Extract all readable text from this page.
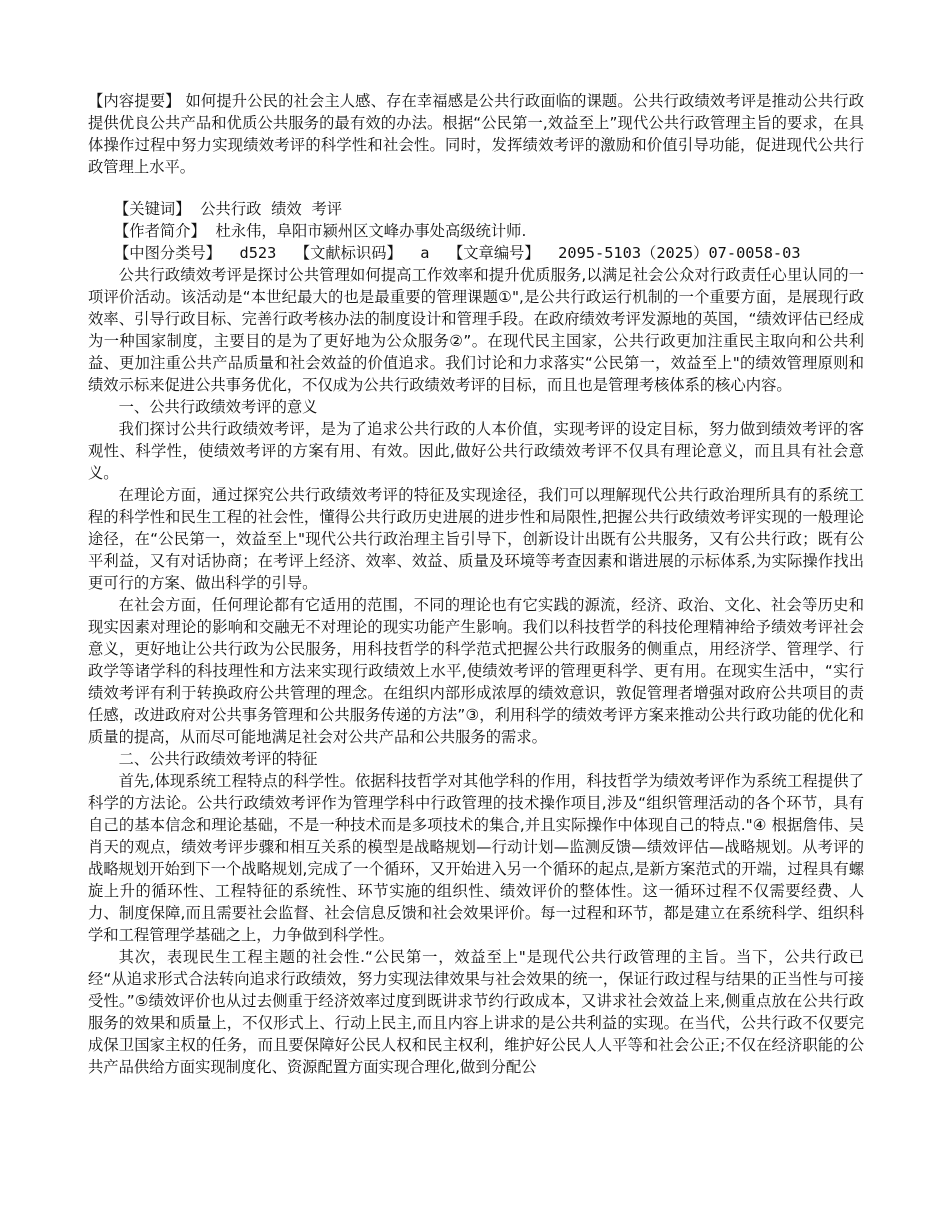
【内容提要】 如何提升公民的社会主人感、存在幸福感是公共行政面临的课题。公共行政绩效考评是推动公共行政提供优良公共产品和优质公共服务的最有效的办法。根据“公民第一,效益至上”现代公共行政管理主旨的要求，在具体操作过程中努力实现绩效考评的科学性和社会性。同时，发挥绩效考评的激励和价值引导功能，促进现代公共行政管理上水平。

【关键词】  公共行政  绩效  考评
【作者简介】  杜永伟，阜阳市颍州区文峰办事处高级统计师.
【中图分类号】  d523  【文献标识码】  a  【文章编号】  2095-5103（2025）07-0058-03

公共行政绩效考评是探讨公共管理如何提高工作效率和提升优质服务,以满足社会公众对行政责任心里认同的一项评价活动。该活动是“本世纪最大的也是最重要的管理课题①",是公共行政运行机制的一个重要方面，是展现行政效率、引导行政目标、完善行政考核办法的制度设计和管理手段。在政府绩效考评发源地的英国，“绩效评估已经成为一种国家制度，主要目的是为了更好地为公众服务②”。在现代民主国家，公共行政更加注重民主取向和公共利益、更加注重公共产品质量和社会效益的价值追求。我们讨论和力求落实“公民第一，效益至上"的绩效管理原则和绩效示标来促进公共事务优化，不仅成为公共行政绩效考评的目标，而且也是管理考核体系的核心内容。

一、公共行政绩效考评的意义

我们探讨公共行政绩效考评，是为了追求公共行政的人本价值，实现考评的设定目标，努力做到绩效考评的客观性、科学性，使绩效考评的方案有用、有效。因此,做好公共行政绩效考评不仅具有理论意义，而且具有社会意义。

在理论方面，通过探究公共行政绩效考评的特征及实现途径，我们可以理解现代公共行政治理所具有的系统工程的科学性和民生工程的社会性，懂得公共行政历史进展的进步性和局限性,把握公共行政绩效考评实现的一般理论途径，在“公民第一，效益至上"现代公共行政治理主旨引导下，创新设计出既有公共服务，又有公共行政；既有公平利益，又有对话协商；在考评上经济、效率、效益、质量及环境等考查因素和谐进展的示标体系,为实际操作找出更可行的方案、做出科学的引导。

在社会方面，任何理论都有它适用的范围，不同的理论也有它实践的源流，经济、政治、文化、社会等历史和现实因素对理论的影响和交融无不对理论的现实功能产生影响。我们以科技哲学的科技伦理精神给予绩效考评社会意义，更好地让公共行政为公民服务，用科技哲学的科学范式把握公共行政服务的侧重点，用经济学、管理学、行政学等诸学科的科技理性和方法来实现行政绩效上水平,使绩效考评的管理更科学、更有用。在现实生活中，“实行绩效考评有利于转换政府公共管理的理念。在组织内部形成浓厚的绩效意识，敦促管理者增强对政府公共项目的责任感，改进政府对公共事务管理和公共服务传递的方法”③，利用科学的绩效考评方案来推动公共行政功能的优化和质量的提高，从而尽可能地满足社会对公共产品和公共服务的需求。

二、公共行政绩效考评的特征

首先,体现系统工程特点的科学性。依据科技哲学对其他学科的作用，科技哲学为绩效考评作为系统工程提供了科学的方法论。公共行政绩效考评作为管理学科中行政管理的技术操作项目,涉及“组织管理活动的各个环节，具有自己的基本信念和理论基础，不是一种技术而是多项技术的集合,并且实际操作中体现自己的特点."④ 根据詹伟、吴肖天的观点，绩效考评步骤和相互关系的模型是战略规划—行动计划—监测反馈—绩效评估—战略规划。从考评的战略规划开始到下一个战略规划,完成了一个循环，又开始进入另一个循环的起点,是新方案范式的开端，过程具有螺旋上升的循环性、工程特征的系统性、环节实施的组织性、绩效评价的整体性。这一循环过程不仅需要经费、人力、制度保障,而且需要社会监督、社会信息反馈和社会效果评价。每一过程和环节，都是建立在系统科学、组织科学和工程管理学基础之上，力争做到科学性。

其次，表现民生工程主题的社会性.“公民第一，效益至上"是现代公共行政管理的主旨。当下，公共行政已经“从追求形式合法转向追求行政绩效，努力实现法律效果与社会效果的统一，保证行政过程与结果的正当性与可接受性。”⑤绩效评价也从过去侧重于经济效率过度到既讲求节约行政成本，又讲求社会效益上来,侧重点放在公共行政服务的效果和质量上，不仅形式上、行动上民主,而且内容上讲求的是公共利益的实现。在当代，公共行政不仅要完成保卫国家主权的任务，而且要保障好公民人权和民主权利，维护好公民人人平等和社会公正;不仅在经济职能的公共产品供给方面实现制度化、资源配置方面实现合理化,做到分配公
